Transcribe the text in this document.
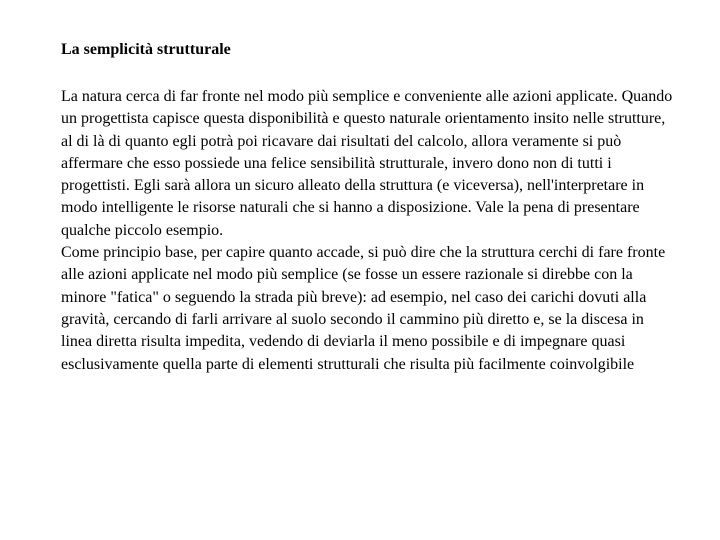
La semplicità strutturale

La natura cerca di far fronte nel modo più semplice e conveniente alle azioni applicate. Quando un progettista capisce questa disponibilità e questo naturale orientamento insito nelle strutture, al di là di quanto egli potrà poi ricavare dai risultati del calcolo, allora veramente si può affermare che esso possiede una felice sensibilità strutturale, invero dono non di tutti i progettisti. Egli sarà allora un sicuro alleato della struttura (e viceversa), nell'interpretare in modo intelligente le risorse naturali che si hanno a disposizione. Vale la pena di presentare qualche piccolo esempio.

Come principio base, per capire quanto accade, si può dire che la struttura cerchi di fare fronte alle azioni applicate nel modo più semplice (se fosse un essere razionale si direbbe con la minore "fatica" o seguendo la strada più breve): ad esempio, nel caso dei carichi dovuti alla gravità, cercando di farli arrivare al suolo secondo il cammino più diretto e, se la discesa in linea diretta risulta impedita, vedendo di deviarla il meno possibile e di impegnare quasi esclusivamente quella parte di elementi strutturali che risulta più facilmente coinvolgibile
